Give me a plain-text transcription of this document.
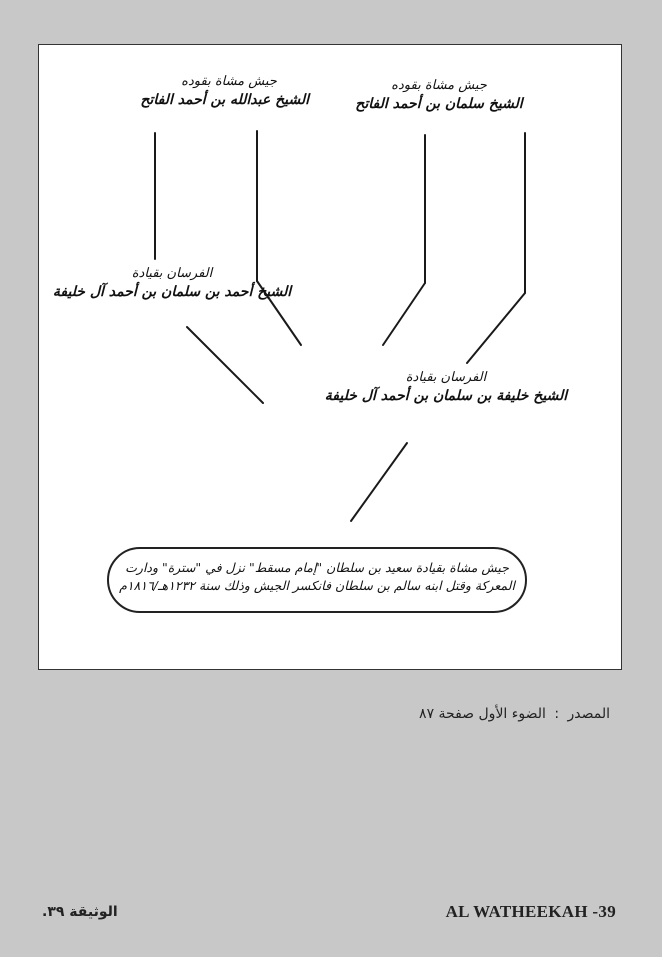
جيش مشاة بقوده
الشيخ عبدالله بن أحمد الفاتح
جيش مشاة بقوده
الشيخ سلمان بن أحمد الفاتح
الفرسان بقيادة
الشيخ أحمد بن سلمان بن أحمد آل خليفة
الفرسان بقيادة
الشيخ خليفة بن سلمان بن أحمد آل خليفة
جيش مشاة بقيادة سعيد بن سلطان "إمام مسقط" نزل في "سترة" ودارت
المعركة وقتل ابنه سالم بن سلطان فانكسر الجيش وذلك سنة ١٢٣٢هـ/١٨١٦م
المصدر : الضوء الأول صفحة ٨٧
الوثيقة ٣٩.	AL WATHEEKAH -39
